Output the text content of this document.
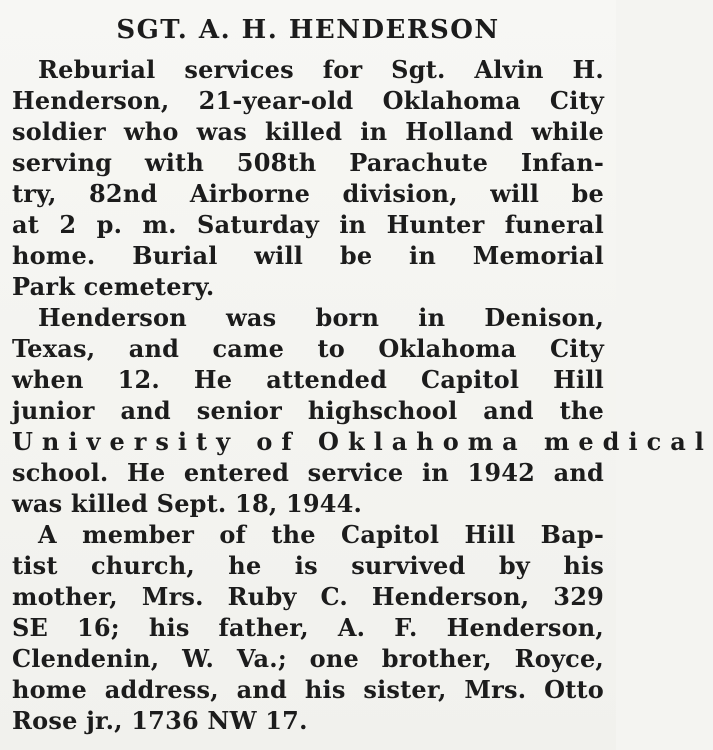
SGT. A. H. HENDERSON
Reburial services for Sgt. Alvin H.
Henderson, 21-year-old Oklahoma City
soldier who was killed in Holland while
serving with 508th Parachute Infan-
try, 82nd Airborne division, will be
at 2 p. m. Saturday in Hunter funeral
home. Burial will be in Memorial
Park cemetery.
Henderson was born in Denison,
Texas, and came to Oklahoma City
when 12. He attended Capitol Hill
junior and senior highschool and the
University of Oklahoma medical
school. He entered service in 1942 and
was killed Sept. 18, 1944.
A member of the Capitol Hill Bap-
tist church, he is survived by his
mother, Mrs. Ruby C. Henderson, 329
SE 16; his father, A. F. Henderson,
Clendenin, W. Va.; one brother, Royce,
home address, and his sister, Mrs. Otto
Rose jr., 1736 NW 17.
